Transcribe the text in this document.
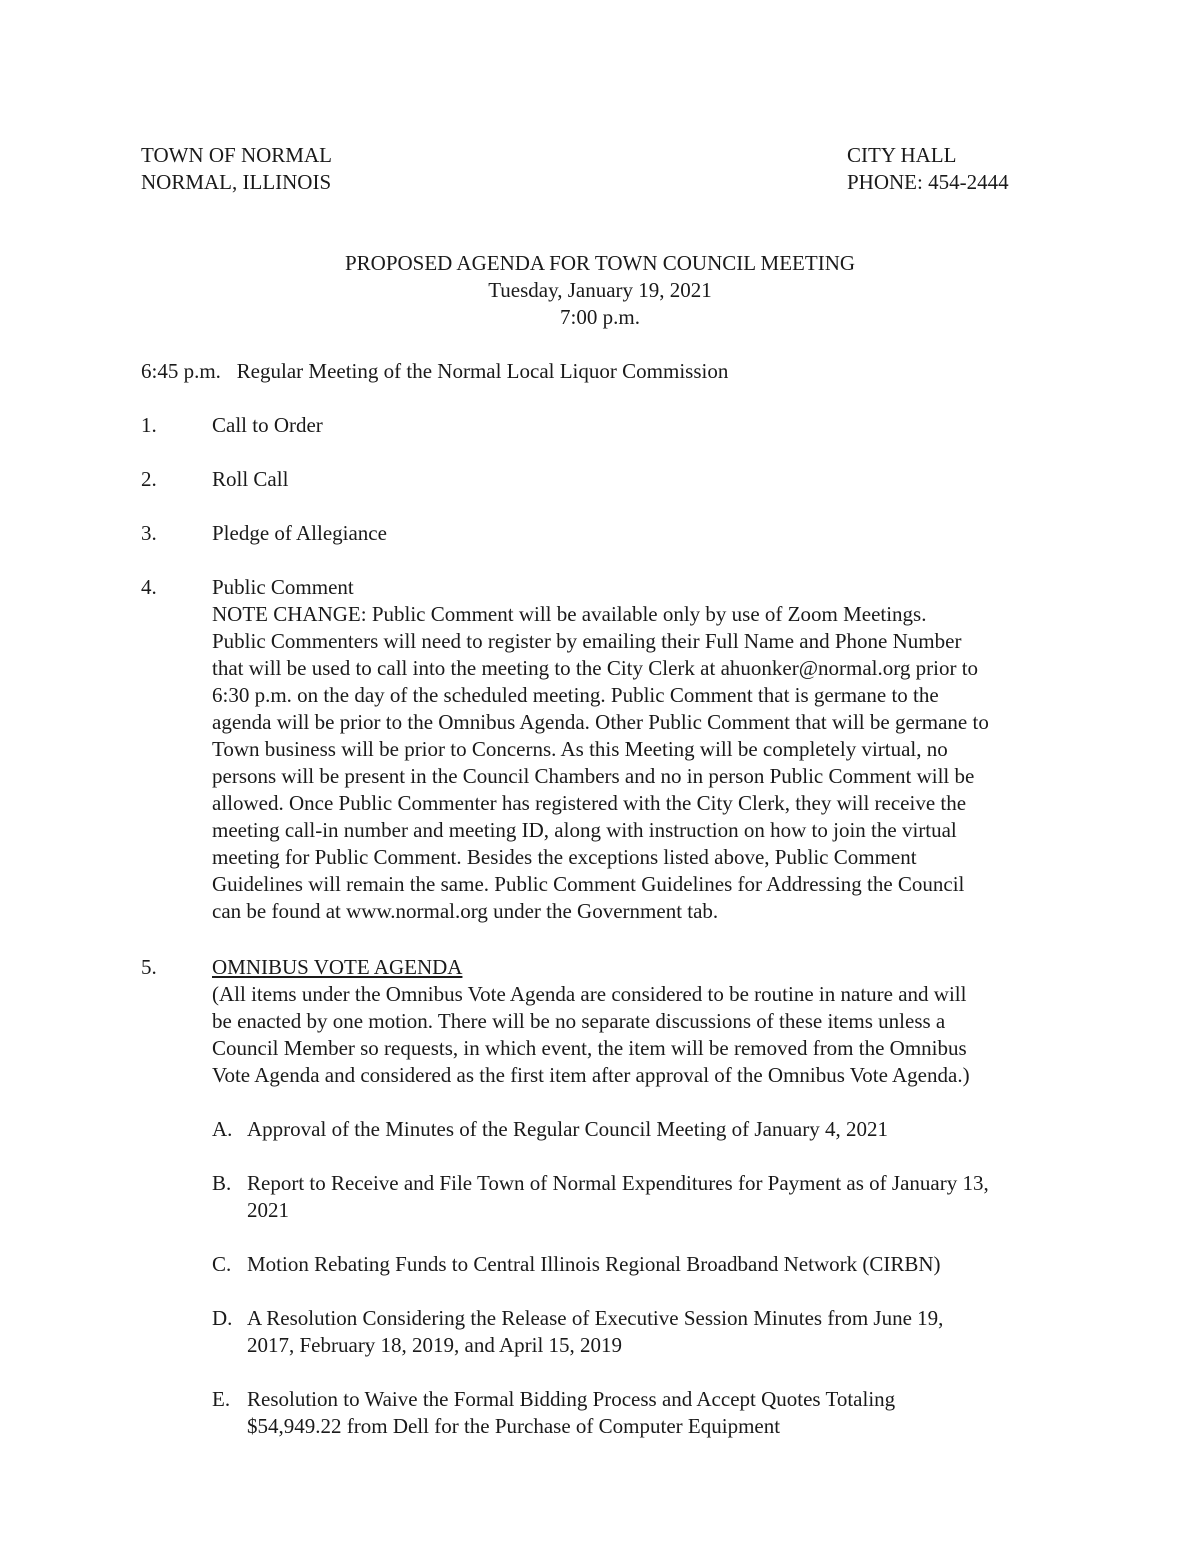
TOWN OF NORMAL
NORMAL, ILLINOIS
CITY HALL
PHONE: 454-2444
PROPOSED AGENDA FOR TOWN COUNCIL MEETING
Tuesday, January 19, 2021
7:00 p.m.
6:45 p.m. Regular Meeting of the Normal Local Liquor Commission
1.	Call to Order
2.	Roll Call
3.	Pledge of Allegiance
4.	Public Comment
NOTE CHANGE: Public Comment will be available only by use of Zoom Meetings.
Public Commenters will need to register by emailing their Full Name and Phone Number
that will be used to call into the meeting to the City Clerk at ahuonker@normal.org prior to
6:30 p.m. on the day of the scheduled meeting. Public Comment that is germane to the
agenda will be prior to the Omnibus Agenda. Other Public Comment that will be germane to
Town business will be prior to Concerns. As this Meeting will be completely virtual, no
persons will be present in the Council Chambers and no in person Public Comment will be
allowed. Once Public Commenter has registered with the City Clerk, they will receive the
meeting call-in number and meeting ID, along with instruction on how to join the virtual
meeting for Public Comment. Besides the exceptions listed above, Public Comment
Guidelines will remain the same. Public Comment Guidelines for Addressing the Council
can be found at www.normal.org under the Government tab.
5.	OMNIBUS VOTE AGENDA
(All items under the Omnibus Vote Agenda are considered to be routine in nature and will
be enacted by one motion. There will be no separate discussions of these items unless a
Council Member so requests, in which event, the item will be removed from the Omnibus
Vote Agenda and considered as the first item after approval of the Omnibus Vote Agenda.)
A. Approval of the Minutes of the Regular Council Meeting of January 4, 2021
B. Report to Receive and File Town of Normal Expenditures for Payment as of January 13,
2021
C. Motion Rebating Funds to Central Illinois Regional Broadband Network (CIRBN)
D. A Resolution Considering the Release of Executive Session Minutes from June 19,
2017, February 18, 2019, and April 15, 2019
E. Resolution to Waive the Formal Bidding Process and Accept Quotes Totaling
$54,949.22 from Dell for the Purchase of Computer Equipment
